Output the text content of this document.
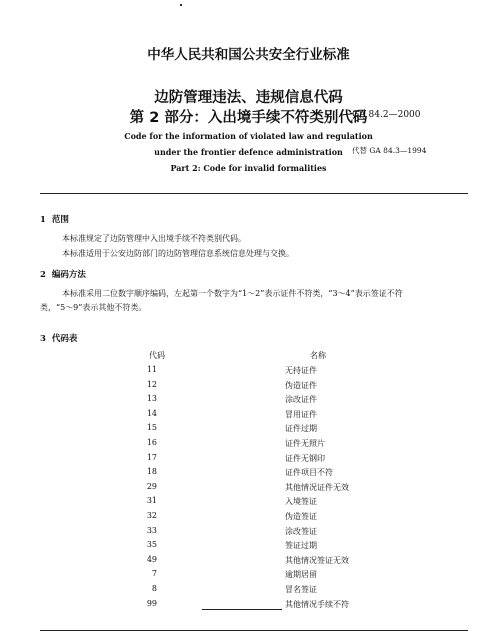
中华人民共和国公共安全行业标准
边防管理违法、违规信息代码
第 2 部分：入出境手续不符类别代码
GA 84.2—2000
Code for the information of violated law and regulation
under the frontier defence administration	代替 GA 84.3—1994
Part 2: Code for invalid formalities
1 范围
本标准规定了边防管理中入出境手续不符类别代码。
本标准适用于公安边防部门的边防管理信息系统信息处理与交换。
2 编码方法
本标准采用二位数字顺序编码，左起第一个数字为“1～2”表示证件不符类，“3～4”表示签证不符
类，“5～9”表示其他不符类。
3 代码表
代码	名称
11	无持证件
12	伪造证件
13	涂改证件
14	冒用证件
15	证件过期
16	证件无照片
17	证件无钢印
18	证件项目不符
29	其他情况证件无效
31	入境签证
32	伪造签证
33	涂改签证
35	签证过期
49	其他情况签证无效
7	逾期居留
8	冒名签证
99	其他情况手续不符
